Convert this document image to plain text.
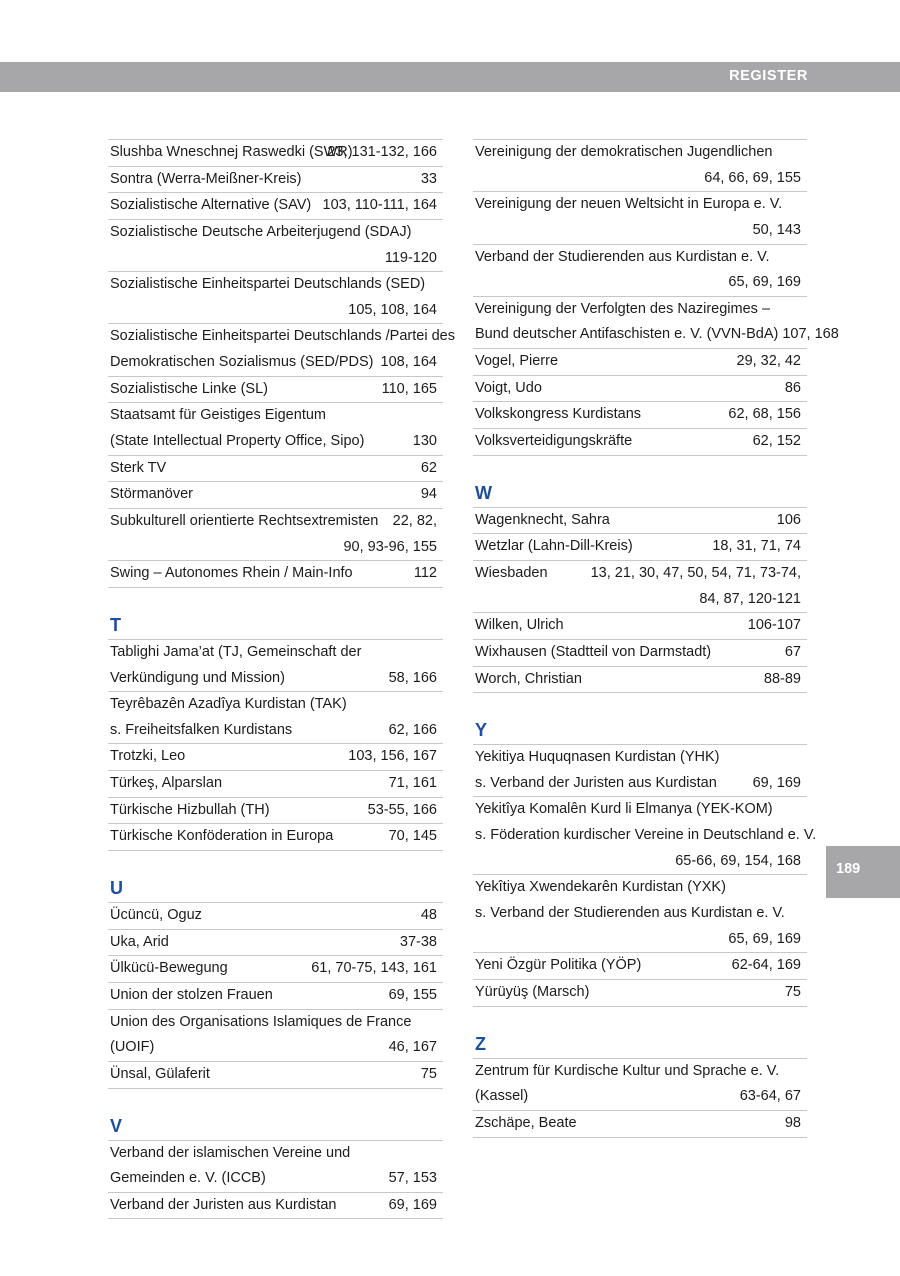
REGISTER
Slushba Wneschnej Raswedki (SWR)
23, 131-132, 166
Sontra (Werra-Meißner-Kreis)	33
Sozialistische Alternative (SAV) 103, 110-111, 164
Sozialistische Deutsche Arbeiterjugend (SDAJ)
119-120
Sozialistische Einheitspartei Deutschlands (SED)
105, 108, 164
Sozialistische Einheitspartei Deutschlands /Partei des
Demokratischen Sozialismus (SED/PDS) 108, 164
Sozialistische Linke (SL)	110, 165
Staatsamt für Geistiges Eigentum
(State Intellectual Property Office, Sipo)	130
Sterk TV	62
Störmanöver	94
Subkulturell orientierte Rechtsextremisten 22, 82,
90, 93-96, 155
Swing – Autonomes Rhein / Main-Info	112
T
Tablighi Jama’at (TJ, Gemeinschaft der
Verkündigung und Mission)	58, 166
Teyrêbazên Azadîya Kurdistan (TAK)
s. Freiheitsfalken Kurdistans	62, 166
Trotzki, Leo	103, 156, 167
Türkeş, Alparslan	71, 161
Türkische Hizbullah (TH)	53-55, 166
Türkische Konföderation in Europa	70, 145
U
Ücüncü, Oguz	48
Uka, Arid	37-38
Ülkücü-Bewegung	61, 70-75, 143, 161
Union der stolzen Frauen	69, 155
Union des Organisations Islamiques de France
(UOIF)	46, 167
Ünsal, Gülaferit	75
V
Verband der islamischen Vereine und
Gemeinden e. V. (ICCB)	57, 153
Verband der Juristen aus Kurdistan	69, 169
Vereinigung der demokratischen Jugendlichen
64, 66, 69, 155
Vereinigung der neuen Weltsicht in Europa e. V.
50, 143
Verband der Studierenden aus Kurdistan e. V.
65, 69, 169
Vereinigung der Verfolgten des Naziregimes –
Bund deutscher Antifaschisten e. V. (VVN-BdA) 107, 168
Vogel, Pierre	29, 32, 42
Voigt, Udo	86
Volkskongress Kurdistans	62, 68, 156
Volksverteidigungskräfte	62, 152
W
Wagenknecht, Sahra	106
Wetzlar (Lahn-Dill-Kreis)	18, 31, 71, 74
Wiesbaden	13, 21, 30, 47, 50, 54, 71, 73-74,
84, 87, 120-121
Wilken, Ulrich	106-107
Wixhausen (Stadtteil von Darmstadt)	67
Worch, Christian	88-89
Y
Yekitiya Huquqnasen Kurdistan (YHK)
s. Verband der Juristen aus Kurdistan	69, 169
Yekitîya Komalên Kurd li Elmanya (YEK-KOM)
s. Föderation kurdischer Vereine in Deutschland e. V.
65-66, 69, 154, 168
Yekîtiya Xwendekarên Kurdistan (YXK)
s. Verband der Studierenden aus Kurdistan e. V.
65, 69, 169
Yeni Özgür Politika (YÖP)	62-64, 169
Yürüyüş (Marsch)	75
Z
Zentrum für Kurdische Kultur und Sprache e. V.
(Kassel)	63-64, 67
Zschäpe, Beate	98
189
